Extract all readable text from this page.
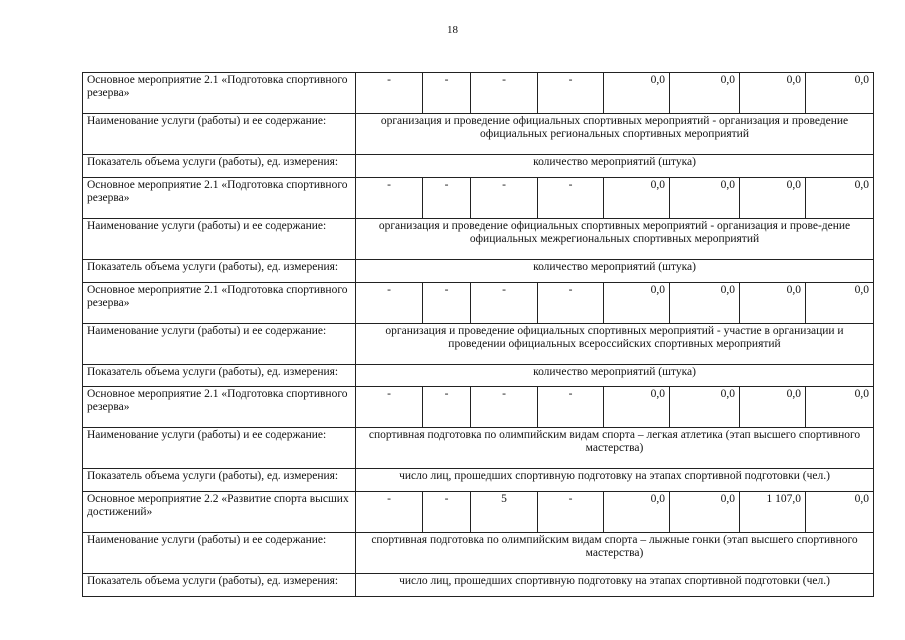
18
Основное мероприятие 2.1 «Подготовка спортивного резерва»	-	-	-	-	0,0	0,0	0,0	0,0
Наименование услуги (работы) и ее содержание:	организация и проведение официальных спортивных мероприятий - организация и проведение официальных региональных спортивных мероприятий							
Показатель объема услуги (работы), ед. измерения:	количество мероприятий (штука)							
Основное мероприятие 2.1 «Подготовка спортивного резерва»	-	-	-	-	0,0	0,0	0,0	0,0
Наименование услуги (работы) и ее содержание:	организация и проведение официальных спортивных мероприятий - организация и прове-дение официальных межрегиональных спортивных мероприятий							
Показатель объема услуги (работы), ед. измерения:	количество мероприятий (штука)							
Основное мероприятие 2.1 «Подготовка спортивного резерва»	-	-	-	-	0,0	0,0	0,0	0,0
Наименование услуги (работы) и ее содержание:	организация и проведение официальных спортивных мероприятий - участие в организации и проведении официальных всероссийских спортивных мероприятий							
Показатель объема услуги (работы), ед. измерения:	количество мероприятий (штука)							
Основное мероприятие 2.1 «Подготовка спортивного резерва»	-	-	-	-	0,0	0,0	0,0	0,0
Наименование услуги (работы) и ее содержание:	спортивная подготовка по олимпийским видам спорта – легкая атлетика (этап высшего спортивного мастерства)							
Показатель объема услуги (работы), ед. измерения:	число лиц, прошедших спортивную подготовку на этапах спортивной подготовки (чел.)							
Основное мероприятие 2.2 «Развитие спорта высших достижений»	-	-	5	-	0,0	0,0	1 107,0	0,0
Наименование услуги (работы) и ее содержание:	спортивная подготовка по олимпийским видам спорта – лыжные гонки (этап высшего спортивного мастерства)							
Показатель объема услуги (работы), ед. измерения:	число лиц, прошедших спортивную подготовку на этапах спортивной подготовки (чел.)							
